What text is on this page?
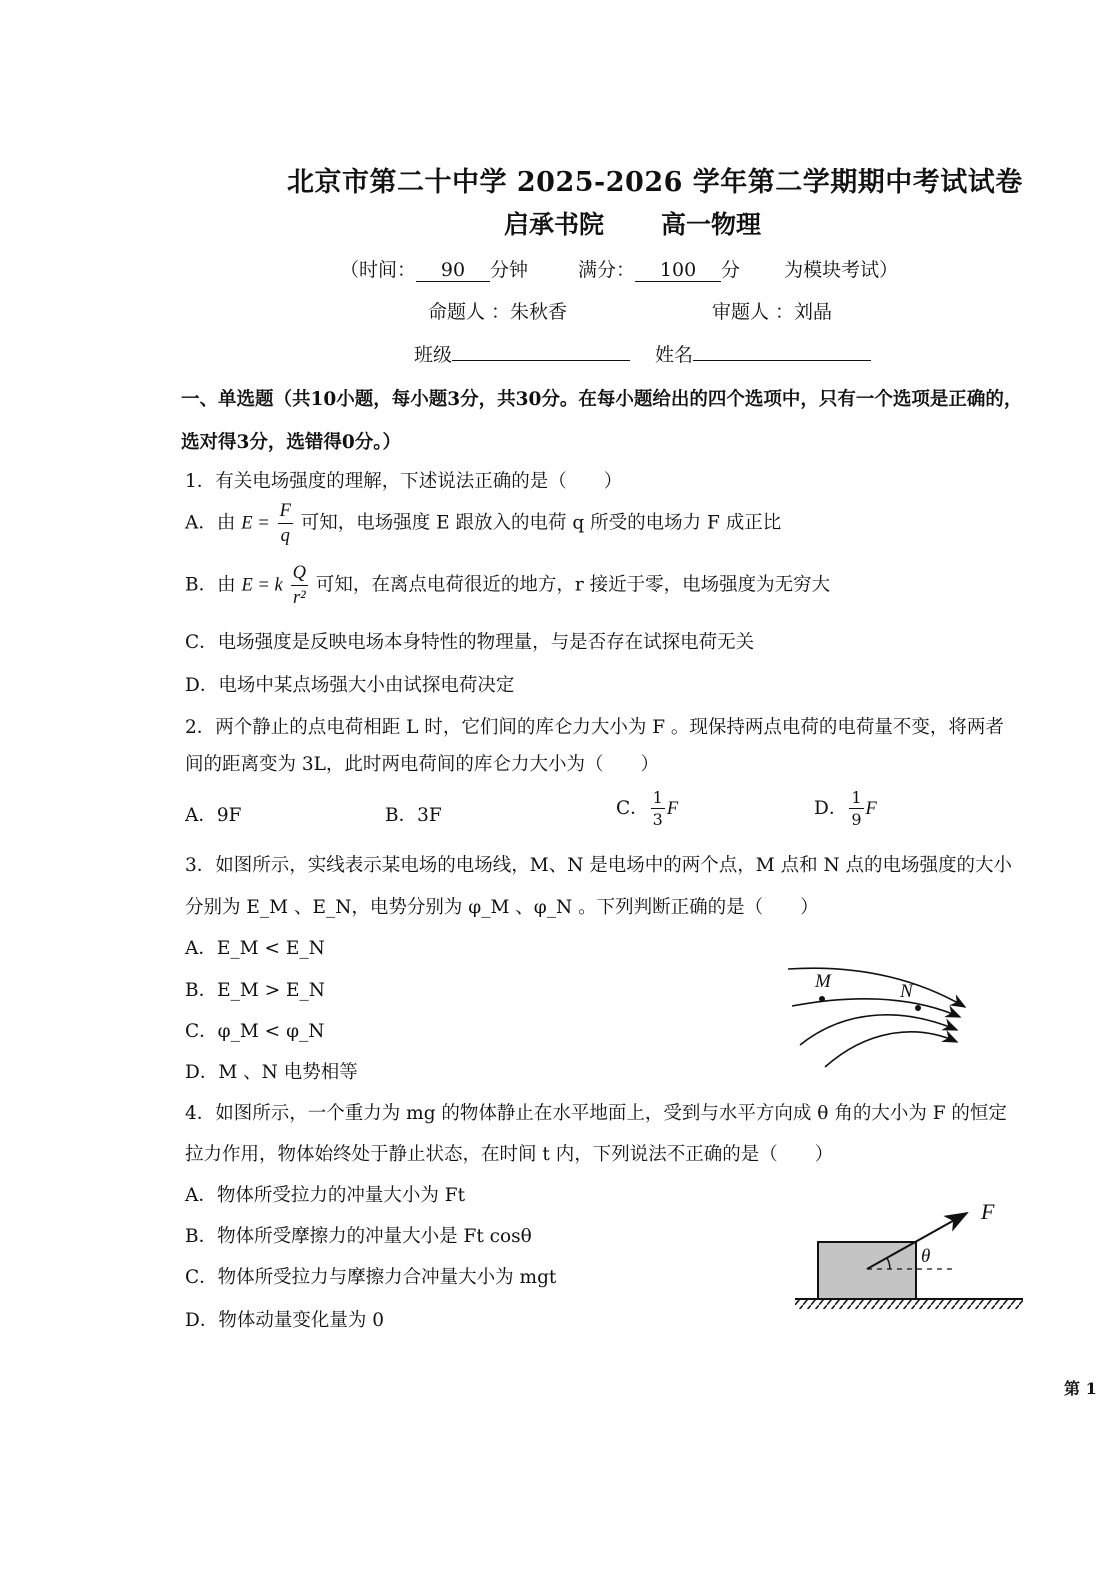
北京市第二十中学 2025-2026 学年第二学期期中考试试卷
启承书院 高一物理
（时间： 90 分钟	满分： 100 分 为模块考试）
命题人 ：朱秋香	审题人 ：刘晶
班级	姓名
一、单选题（共10小题，每小题3分，共30分。在每小题给出的四个选项中，只有一个选项是正确的，
选对得3分，选错得0分。）
1．有关电场强度的理解，下述说法正确的是（　　）
A．由 $E = \frac{F}{q}$ 可知，电场强度 E 跟放入的电荷 q 所受的电场力 F 成正比
B．由 E = k $\frac{Q}{\text{r²}}$ 可知，在离点电荷很近的地方，r 接近于零，电场强度为无穷大
C．电场强度是反映电场本身特性的物理量，与是否存在试探电荷无关
D．电场中某点场强大小由试探电荷决定
2．两个静止的点电荷相距 L 时，它们间的库仑力大小为 F 。现保持两点电荷的电荷量不变，将两者
间的距离变为 3L，此时两电荷间的库仑力大小为（　　）
A．9F	B．3F	C． $\frac{1}{3}$ F	D． $\frac{1}{9}$ F
3．如图所示，实线表示某电场的电场线，M、N 是电场中的两个点，M 点和 N 点的电场强度的大小
分别为 E_M 、E_N，电势分别为 φ_M 、φ_N 。下列判断正确的是（　　）
A．E_M < E_N
B．E_M > E_N
C．φ_M < φ_N
D．M 、N 电势相等
M	N
4．如图所示，一个重力为 mg 的物体静止在水平地面上，受到与水平方向成 θ 角的大小为 F 的恒定
拉力作用，物体始终处于静止状态，在时间 t 内，下列说法不正确的是（　　）
A．物体所受拉力的冲量大小为 Ft
B．物体所受摩擦力的冲量大小是 Ft cosθ
C．物体所受拉力与摩擦力合冲量大小为 mgt
D．物体动量变化量为 0
F
θ
第 1
